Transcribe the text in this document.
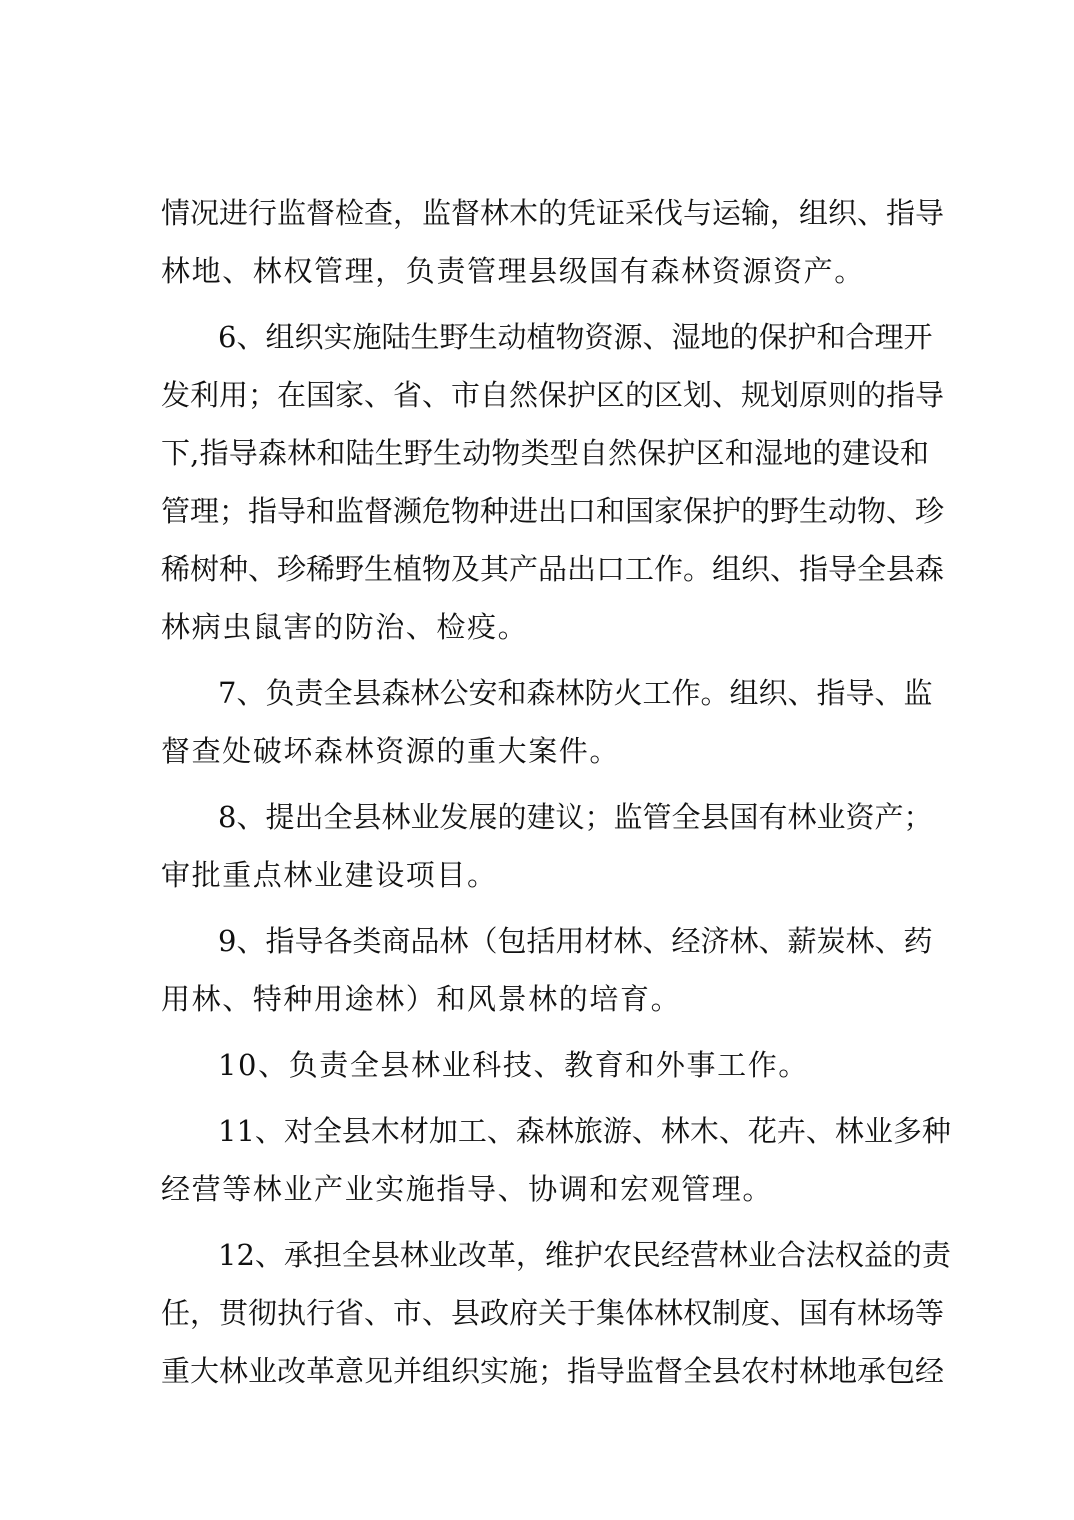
情况进行监督检查，监督林木的凭证采伐与运输，组织、指导
林地、林权管理，负责管理县级国有森林资源资产。
6、组织实施陆生野生动植物资源、湿地的保护和合理开
发利用；在国家、省、市自然保护区的区划、规划原则的指导
下,指导森林和陆生野生动物类型自然保护区和湿地的建设和
管理；指导和监督濒危物种进出口和国家保护的野生动物、珍
稀树种、珍稀野生植物及其产品出口工作。组织、指导全县森
林病虫鼠害的防治、检疫。
7、负责全县森林公安和森林防火工作。组织、指导、监
督查处破坏森林资源的重大案件。
8、提出全县林业发展的建议；监管全县国有林业资产；
审批重点林业建设项目。
9、指导各类商品林（包括用材林、经济林、薪炭林、药
用林、特种用途林）和风景林的培育。
10、负责全县林业科技、教育和外事工作。
11、对全县木材加工、森林旅游、林木、花卉、林业多种
经营等林业产业实施指导、协调和宏观管理。
12、承担全县林业改革，维护农民经营林业合法权益的责
任，贯彻执行省、市、县政府关于集体林权制度、国有林场等
重大林业改革意见并组织实施；指导监督全县农村林地承包经
